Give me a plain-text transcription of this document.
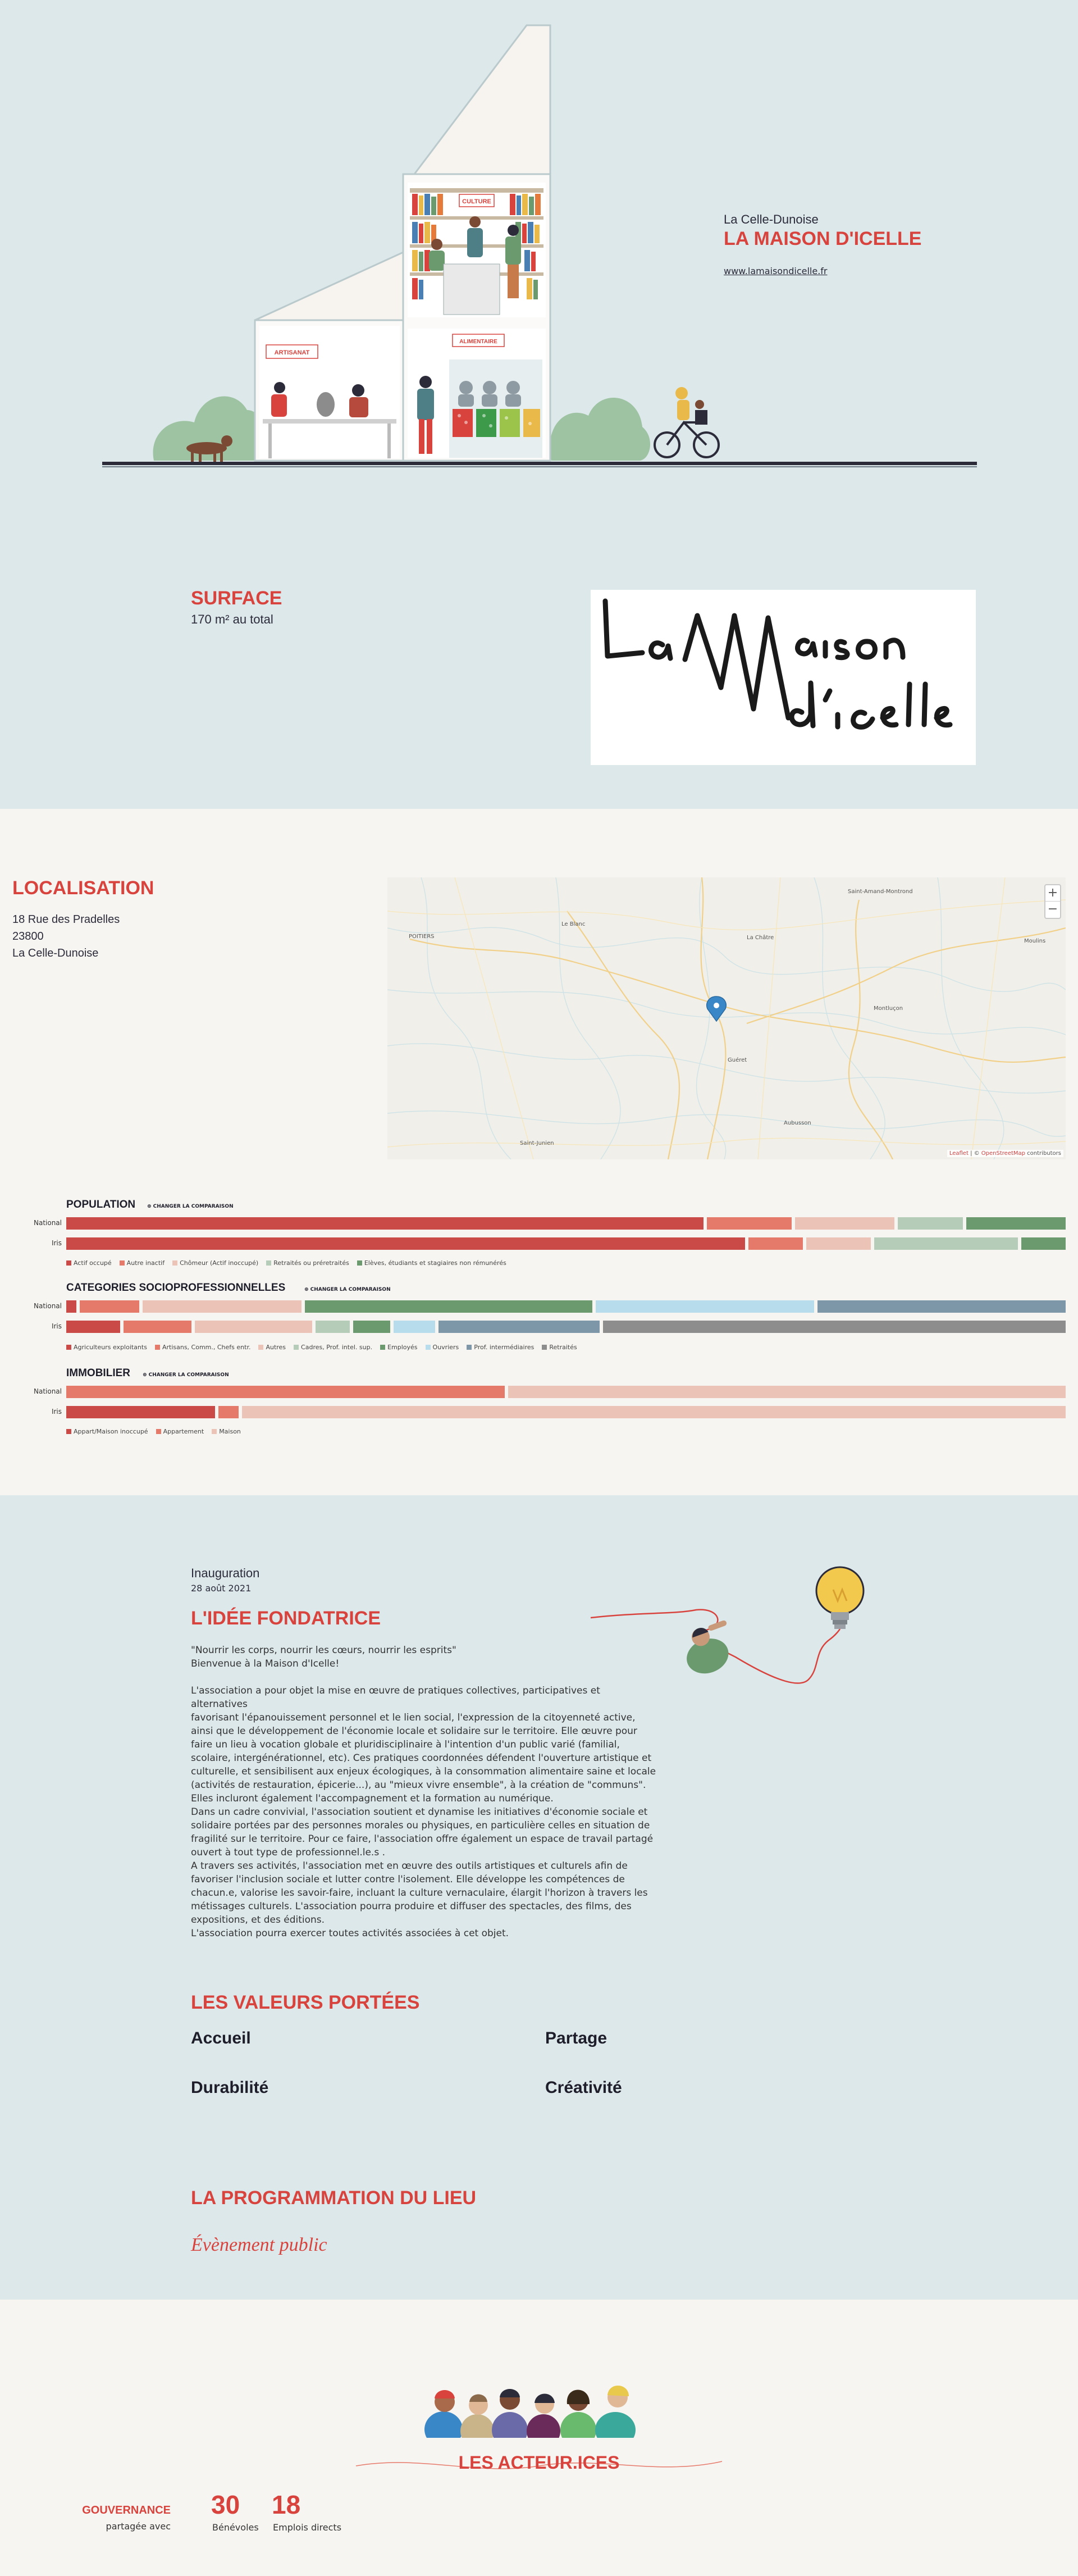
CULTURE
ALIMENTAIRE
ARTISANAT
La Celle-Dunoise
LA MAISON D'ICELLE
www.lamaisondicelle.fr
SURFACE
170 m² au total
LOCALISATION
18 Rue des Pradelles
23800
La Celle-Dunoise
POITIERS
Le Blanc
La Châtre
Saint-Amand-Montrond
Moulins
Montluçon
Guéret
Aubusson
Saint-Junien
+
−
Leaflet | © OpenStreetMap contributors
POPULATION ⊕ CHANGER LA COMPARAISON
National
Iris
Actif occupé	Autre inactif	Chômeur (Actif inoccupé)	Retraités ou préretraités	Elèves, étudiants et stagiaires non rémunérés
CATEGORIES SOCIOPROFESSIONNELLES	⊕ CHANGER LA COMPARAISON
National
Iris
Agriculteurs exploitants	Artisans, Comm., Chefs entr.	Autres	Cadres, Prof. intel. sup.	Employés	Ouvriers	Prof. intermédiaires	Retraités
IMMOBILIER ⊕ CHANGER LA COMPARAISON
National
Iris
Appart/Maison inoccupé	Appartement	Maison
Inauguration
28 août 2021
L'IDÉE FONDATRICE
"Nourrir les corps, nourrir les cœurs, nourrir les esprits"
Bienvenue à la Maison d'Icelle!

L'association a pour objet la mise en œuvre de pratiques collectives, participatives et alternatives
favorisant l'épanouissement personnel et le lien social, l'expression de la citoyenneté active, ainsi que le développement de l'économie locale et solidaire sur le territoire. Elle œuvre pour faire un lieu à vocation globale et pluridisciplinaire à l'intention d'un public varié (familial, scolaire, intergénérationnel, etc). Ces pratiques coordonnées défendent l'ouverture artistique et culturelle, et sensibilisent aux enjeux écologiques, à la consommation alimentaire saine et locale (activités de restauration, épicerie...), au "mieux vivre ensemble", à la création de "communs". Elles incluront également l'accompagnement et la formation au numérique.
Dans un cadre convivial, l'association soutient et dynamise les initiatives d'économie sociale et solidaire portées par des personnes morales ou physiques, en particulière celles en situation de fragilité sur le territoire. Pour ce faire, l'association offre également un espace de travail partagé ouvert à tout type de professionnel.le.s .
A travers ses activités, l'association met en œuvre des outils artistiques et culturels afin de favoriser l'inclusion sociale et lutter contre l'isolement. Elle développe les compétences de chacun.e, valorise les savoir-faire, incluant la culture vernaculaire, élargit l'horizon à travers les métissages culturels. L'association pourra produire et diffuser des spectacles, des films, des expositions, et des éditions.
L'association pourra exercer toutes activités associées à cet objet.
LES VALEURS PORTÉES
Accueil	Partage
Durabilité	Créativité
LA PROGRAMMATION DU LIEU
Évènement public
LES ACTEUR.ICES
GOUVERNANCE
partagée avec
30
Bénévoles
18
Emplois directs
